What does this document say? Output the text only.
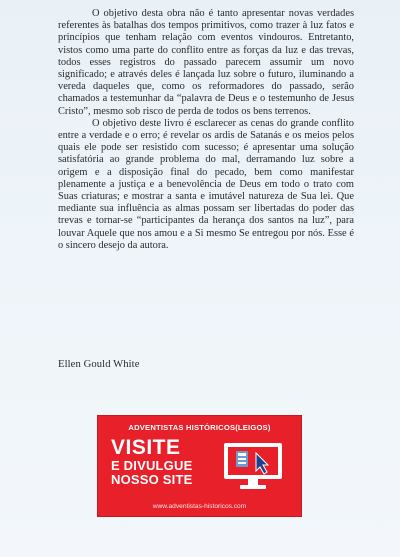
O objetivo desta obra não é tanto apresentar novas verdades referentes às batalhas dos tempos primitivos, como trazer à luz fatos e princípios que tenham relação com eventos vindouros. Entretanto, vistos como uma parte do conflito entre as forças da luz e das trevas, todos esses registros do passado parecem assumir um novo significado; e através deles é lançada luz sobre o futuro, iluminando a vereda daqueles que, como os reformadores do passado, serão chamados a testemunhar da “palavra de Deus e o testemunho de Jesus Cristo”, mesmo sob risco de perda de todos os bens terrenos.

O objetivo deste livro é esclarecer as cenas do grande conflito entre a verdade e o erro; é revelar os ardis de Satanás e os meios pelos quais ele pode ser resistido com sucesso; é apresentar uma solução satisfatória ao grande problema do mal, derramando luz sobre a origem e a disposição final do pecado, bem como manifestar plenamente a justiça e a benevolência de Deus em todo o trato com Suas criaturas; e mostrar a santa e imutável natureza de Sua lei. Que mediante sua influência as almas possam ser libertadas do poder das trevas e tornar-se “participantes da herança dos santos na luz”, para louvar Aquele que nos amou e a Si mesmo Se entregou por nós. Esse é o sincero desejo da autora.

Ellen Gould White
ADVENTISTAS HISTÓRICOS(LEIGOS)
VISITE
E DIVULGUE
NOSSO SITE
www.adventistas-historicos.com
